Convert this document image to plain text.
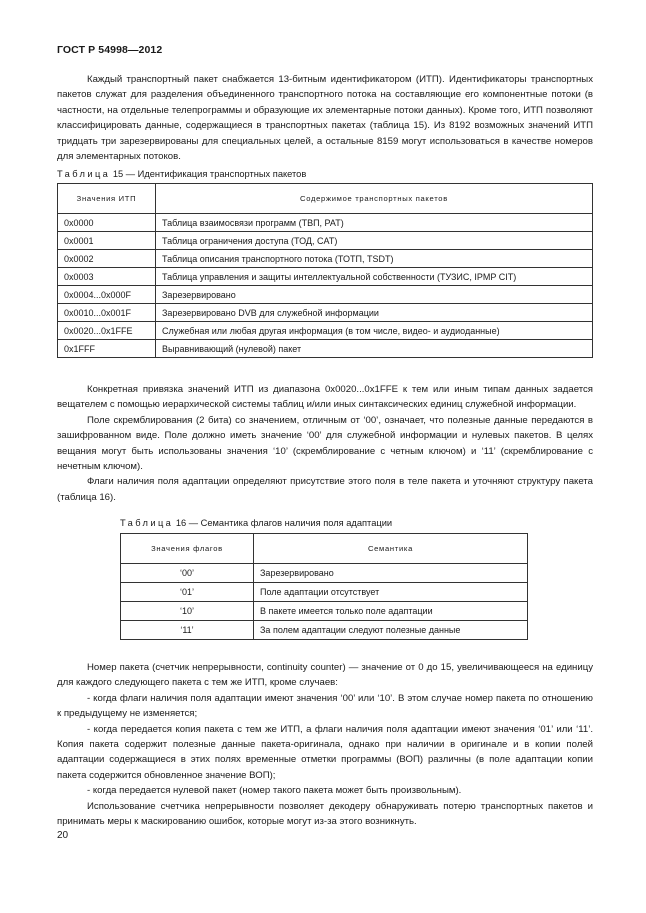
ГОСТ Р 54998—2012
Каждый транспортный пакет снабжается 13-битным идентификатором (ИТП). Идентификаторы транспортных пакетов служат для разделения объединенного транспортного потока на составляющие его компонентные потоки (в частности, на отдельные телепрограммы и образующие их элементарные потоки данных). Кроме того, ИТП позволяют классифицировать данные, содержащиеся в транспортных пакетах (таблица 15). Из 8192 возможных значений ИТП тридцать три зарезервированы для специальных целей, а остальные 8159 могут использоваться в качестве номеров для элементарных потоков.
Таблица 15 — Идентификация транспортных пакетов
Значения ИТП	Содержимое транспортных пакетов
0x0000	Таблица взаимосвязи программ (ТВП, PAT)
0x0001	Таблица ограничения доступа (ТОД, CAT)
0x0002	Таблица описания транспортного потока (ТОТП, TSDT)
0x0003	Таблица управления и защиты интеллектуальной собственности (ТУЗИС, IPMP CIT)
0x0004...0x000F	Зарезервировано
0x0010...0x001F	Зарезервировано DVB для служебной информации
0x0020...0x1FFE	Служебная или любая другая информация (в том числе, видео- и аудиоданные)
0x1FFF	Выравнивающий (нулевой) пакет
Конкретная привязка значений ИТП из диапазона 0x0020...0x1FFE к тем или иным типам данных задается вещателем с помощью иерархической системы таблиц и/или иных синтаксических единиц служебной информации.
Поле скремблирования (2 бита) со значением, отличным от ‘00’, означает, что полезные данные передаются в зашифрованном виде. Поле должно иметь значение ‘00’ для служебной информации и нулевых пакетов. В целях вещания могут быть использованы значения ‘10’ (скремблирование с четным ключом) и ‘11’ (скремблирование с нечетным ключом).
Флаги наличия поля адаптации определяют присутствие этого поля в теле пакета и уточняют структуру пакета (таблица 16).
Таблица 16 — Семантика флагов наличия поля адаптации
Значения флагов	Семантика
‘00’	Зарезервировано
‘01’	Поле адаптации отсутствует
‘10’	В пакете имеется только поле адаптации
‘11’	За полем адаптации следуют полезные данные
Номер пакета (счетчик непрерывности, continuity counter) — значение от 0 до 15, увеличивающееся на единицу для каждого следующего пакета с тем же ИТП, кроме случаев:
- когда флаги наличия поля адаптации имеют значения ‘00’ или ‘10’. В этом случае номер пакета по отношению к предыдущему не изменяется;
- когда передается копия пакета с тем же ИТП, а флаги наличия поля адаптации имеют значения ‘01’ или ‘11’. Копия пакета содержит полезные данные пакета-оригинала, однако при наличии в оригинале и в копии полей адаптации содержащиеся в этих полях временные отметки программы (ВОП) различны (в поле адаптации копии пакета содержится обновленное значение ВОП);
- когда передается нулевой пакет (номер такого пакета может быть произвольным).
Использование счетчика непрерывности позволяет декодеру обнаруживать потерю транспортных пакетов и принимать меры к маскированию ошибок, которые могут из-за этого возникнуть.
20
